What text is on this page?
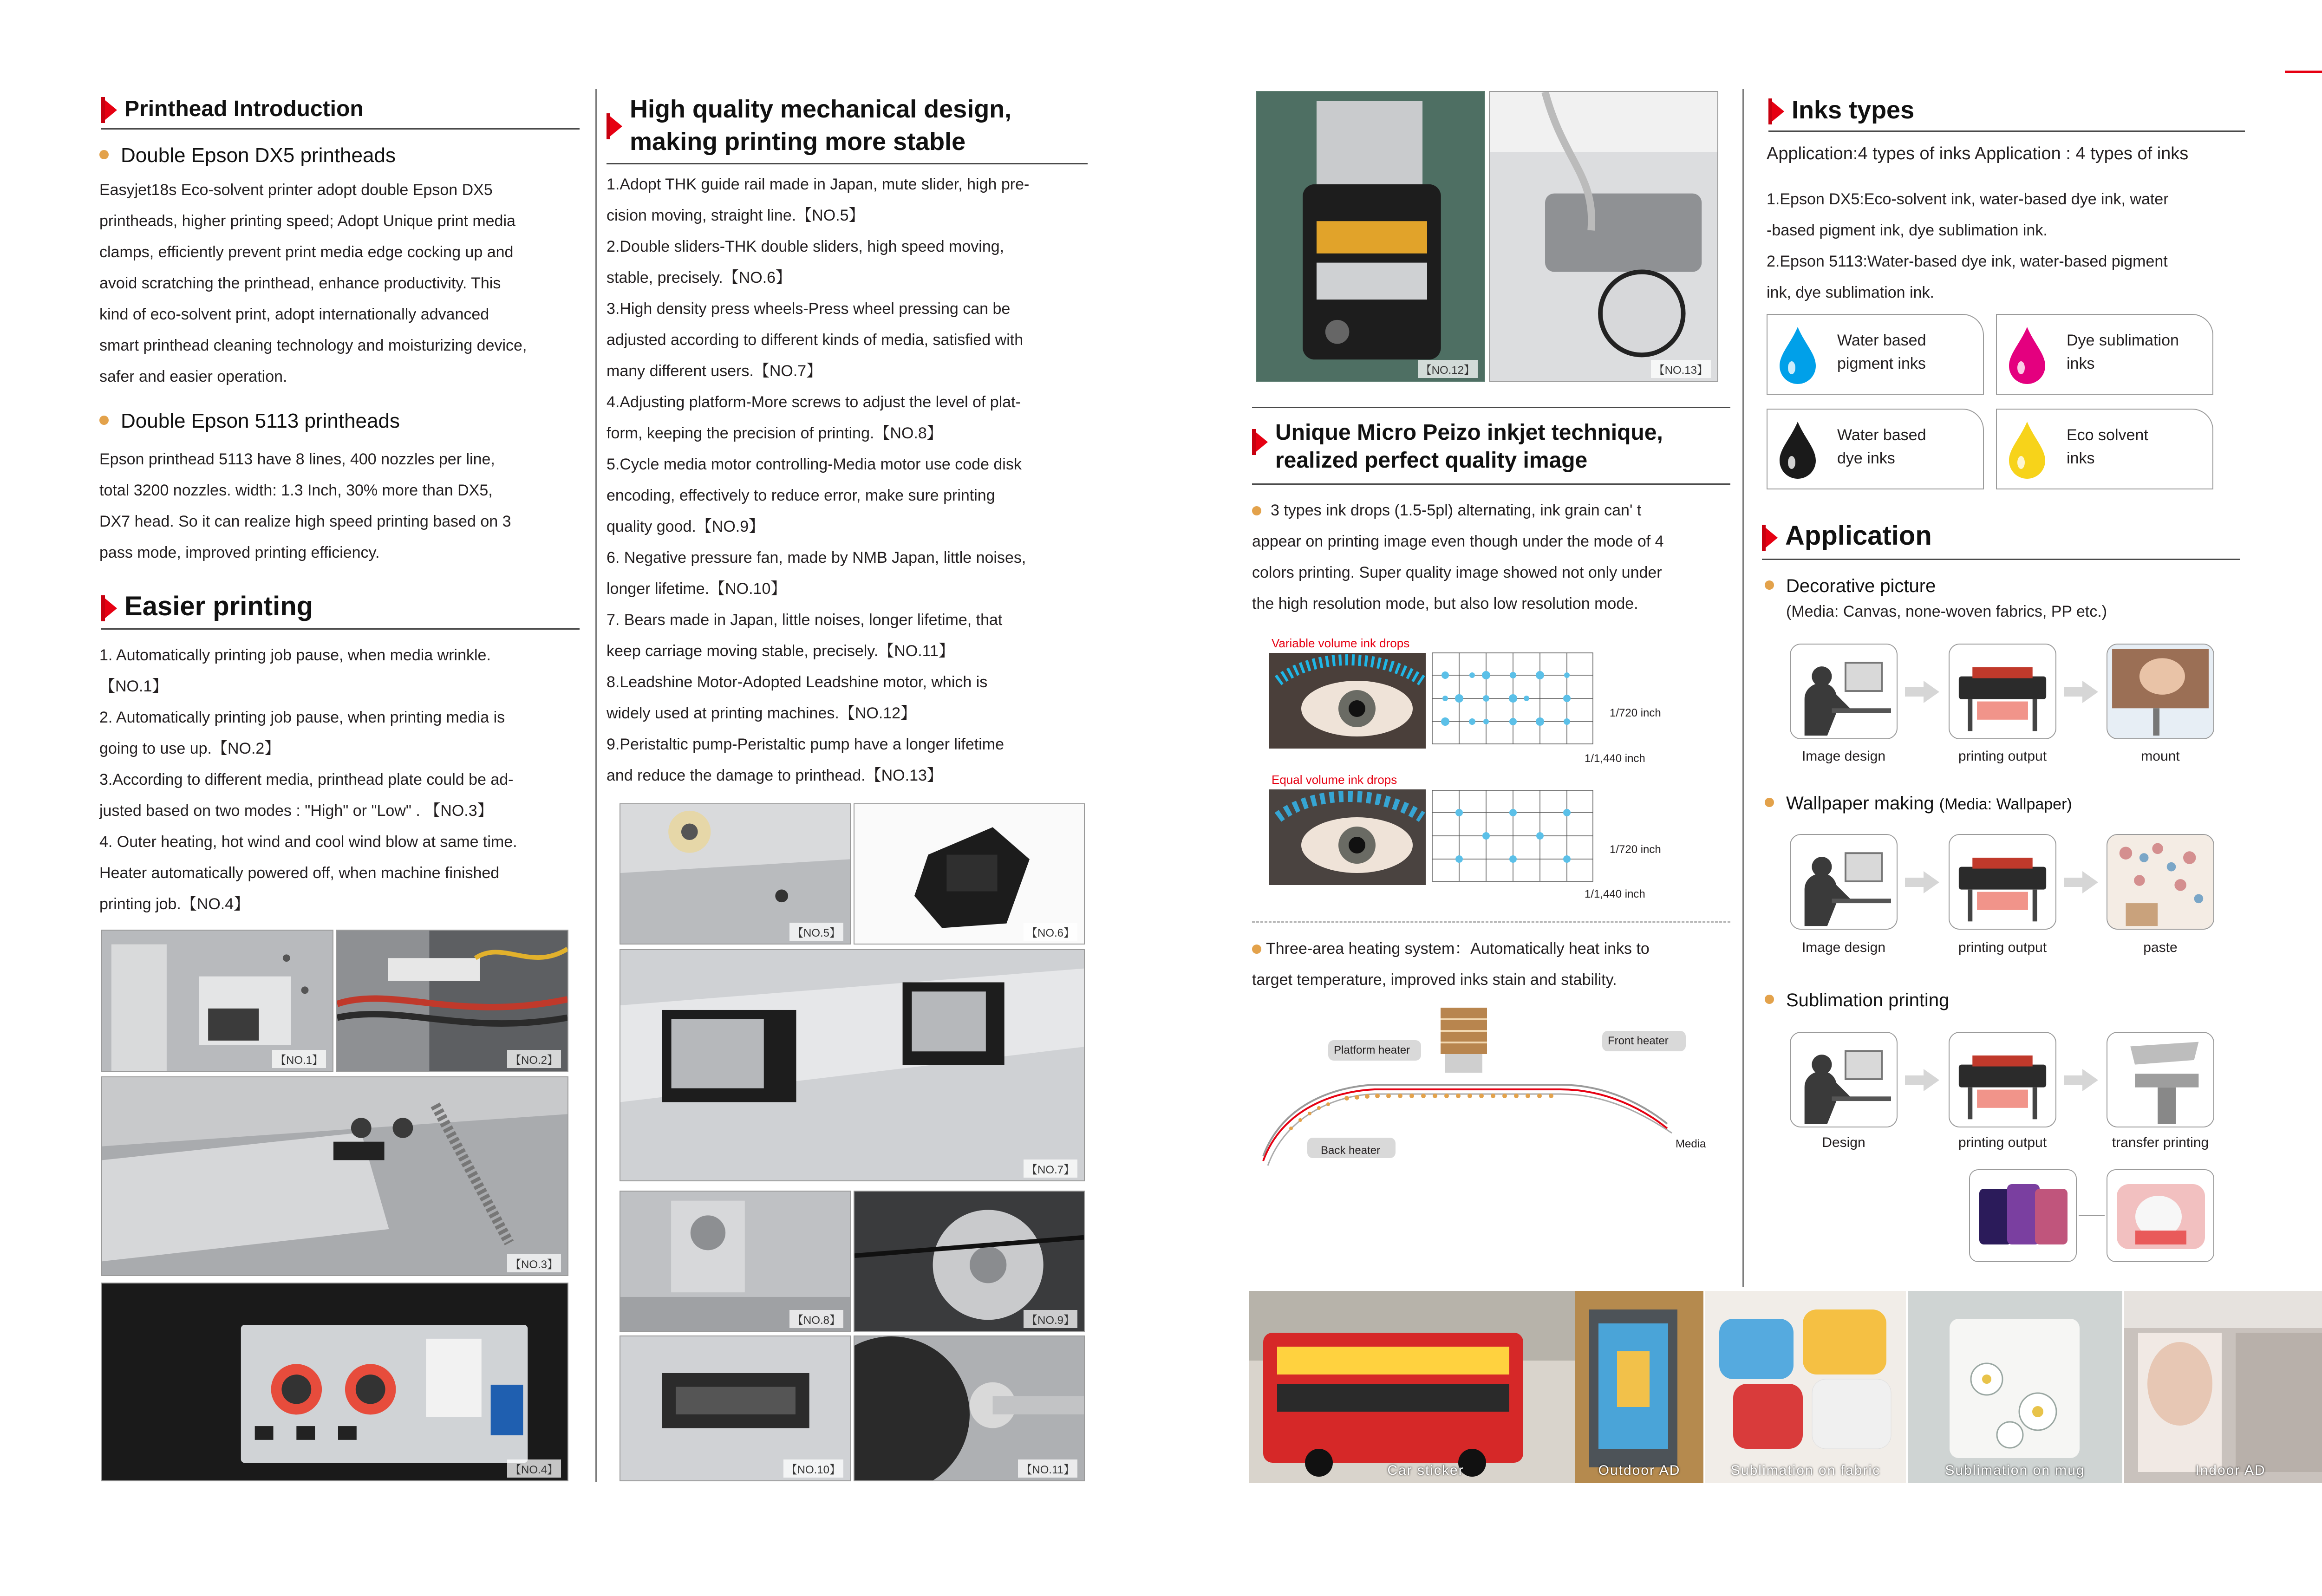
Printhead Introduction
Double Epson DX5 printheads

Easyjet18s Eco-solvent printer adopt double Epson DX5

printheads, higher printing speed; Adopt Unique print media

clamps, efficiently prevent print media edge cocking up and

avoid scratching the printhead, enhance productivity. This

kind of eco-solvent print, adopt internationally advanced

smart printhead cleaning technology and moisturizing device,

safer and easier operation.

Double Epson 5113 printheads

Epson printhead 5113 have 8 lines, 400 nozzles per line,

total 3200 nozzles. width: 1.3 Inch, 30% more than DX5,

DX7 head. So it can realize high speed printing based on 3

pass mode, improved printing efficiency.

Easier printing

1. Automatically printing job pause, when media wrinkle.

【NO.1】

2. Automatically printing job pause, when printing media is

going to use up.【NO.2】

3.According to different media, printhead plate could be ad-

justed based on two modes : "High" or "Low" . 【NO.3】

4. Outer heating, hot wind and cool wind blow at same time.

Heater automatically powered off, when machine finished

printing job.【NO.4】

【NO.1】	【NO.2】
【NO.3】
【NO.4】
High quality mechanical design,
making printing more stable

1.Adopt THK guide rail made in Japan, mute slider, high pre-

cision moving, straight line.【NO.5】

2.Double sliders-THK double sliders, high speed moving,

stable, precisely.【NO.6】

3.High density press wheels-Press wheel pressing can be

adjusted according to different kinds of media, satisfied with

many different users.【NO.7】

4.Adjusting platform-More screws to adjust the level of plat-

form, keeping the precision of printing.【NO.8】

5.Cycle media motor controlling-Media motor use code disk

encoding, effectively to reduce error, make sure printing

quality good.【NO.9】

6. Negative pressure fan, made by NMB Japan, little noises,

longer lifetime.【NO.10】

7. Bears made in Japan, little noises, longer lifetime, that

keep carriage moving stable, precisely.【NO.11】

8.Leadshine Motor-Adopted Leadshine motor, which is

widely used at printing machines.【NO.12】

9.Peristaltic pump-Peristaltic pump have a longer lifetime

and reduce the damage to printhead.【NO.13】

【NO.5】	【NO.6】
【NO.7】
【NO.8】	【NO.9】
【NO.10】	【NO.11】
【NO.12】	【NO.13】
Unique Micro Peizo inkjet technique,
realized perfect quality image

3 types ink drops (1.5-5pl) alternating, ink grain can' t

appear on printing image even though under the mode of 4

colors printing. Super quality image showed not only under

the high resolution mode, but also low resolution mode.

Variable volume ink drops
1/720 inch
1/1,440 inch
Equal volume ink drops
1/720 inch
1/1,440 inch

Three-area heating system：Automatically heat inks to

target temperature, improved inks stain and stability.

Platform heater
Front heater
Back heater
Media
Inks types
Application:4 types of inks Application : 4 types of inks

1.Epson DX5:Eco-solvent ink, water-based dye ink, water

-based pigment ink, dye sublimation ink.

2.Epson 5113:Water-based dye ink, water-based pigment

ink, dye sublimation ink.

Water based
pigment inks
Dye sublimation
inks
Water based
dye inks
Eco solvent
inks
Application
Decorative picture
(Media: Canvas, none-woven fabrics, PP etc.)
Image design	printing output	mount
Wallpaper making (Media: Wallpaper)
Image design	printing output	paste
Sublimation printing
Design	printing output	transfer printing
Car sticker	Outdoor AD	Sublimation on fabric	Sublimation on mug	Indoor AD
